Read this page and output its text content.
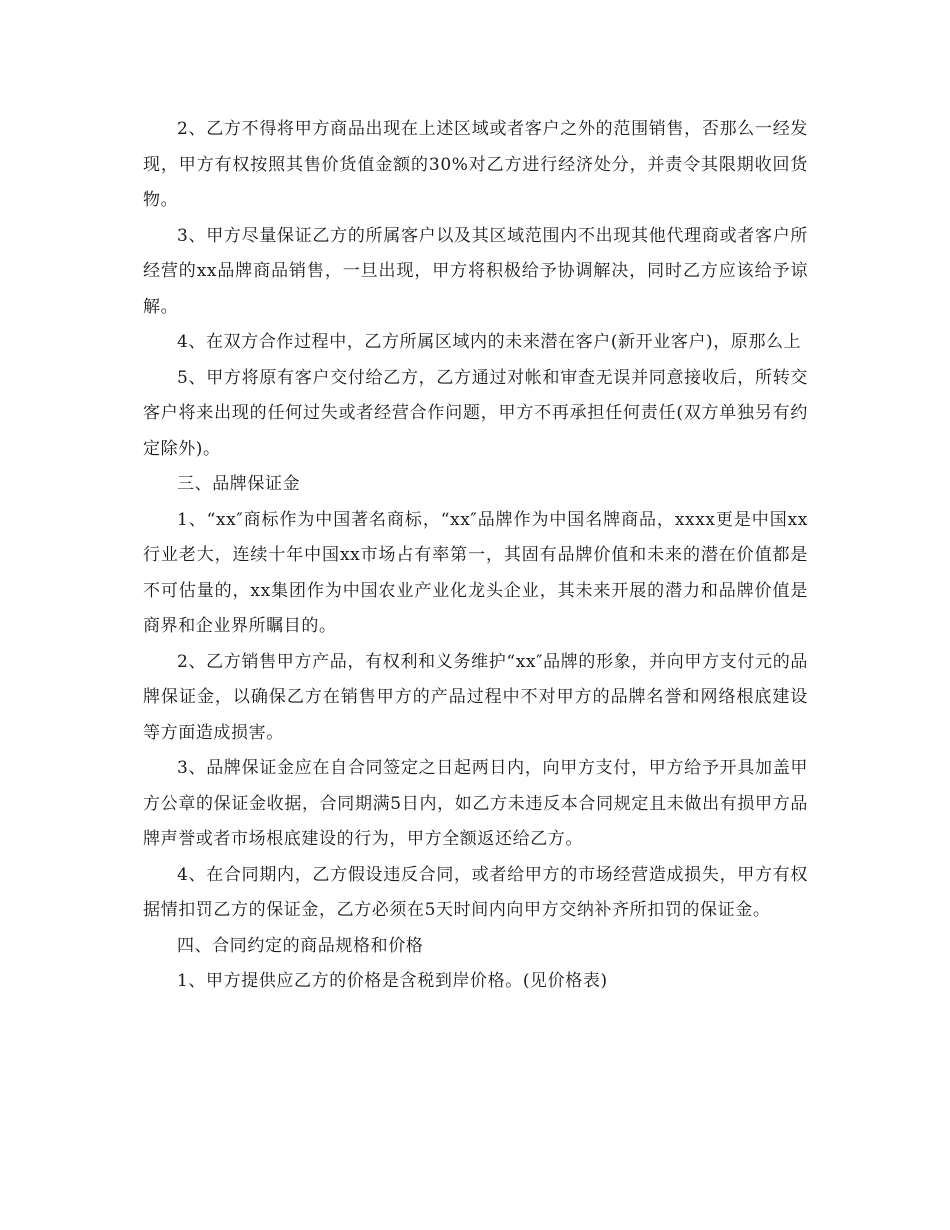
2、乙方不得将甲方商品出现在上述区域或者客户之外的范围销售，否那么一经发现，甲方有权按照其售价货值金额的30%对乙方进行经济处分，并责令其限期收回货物。

3、甲方尽量保证乙方的所属客户以及其区域范围内不出现其他代理商或者客户所经营的xx品牌商品销售，一旦出现，甲方将积极给予协调解决，同时乙方应该给予谅解。

4、在双方合作过程中，乙方所属区域内的未来潜在客户(新开业客户)，原那么上

5、甲方将原有客户交付给乙方，乙方通过对帐和审查无误并同意接收后，所转交客户将来出现的任何过失或者经营合作问题，甲方不再承担任何责任(双方单独另有约定除外)。

三、品牌保证金

1、“xx″商标作为中国著名商标，“xx″品牌作为中国名牌商品，xxxx更是中国xx行业老大，连续十年中国xx市场占有率第一，其固有品牌价值和未来的潜在价值都是不可估量的，xx集团作为中国农业产业化龙头企业，其未来开展的潜力和品牌价值是商界和企业界所瞩目的。

2、乙方销售甲方产品，有权利和义务维护“xx″品牌的形象，并向甲方支付元的品牌保证金，以确保乙方在销售甲方的产品过程中不对甲方的品牌名誉和网络根底建设等方面造成损害。

3、品牌保证金应在自合同签定之日起两日内，向甲方支付，甲方给予开具加盖甲方公章的保证金收据，合同期满5日内，如乙方未违反本合同规定且未做出有损甲方品牌声誉或者市场根底建设的行为，甲方全额返还给乙方。

4、在合同期内，乙方假设违反合同，或者给甲方的市场经营造成损失，甲方有权据情扣罚乙方的保证金，乙方必须在5天时间内向甲方交纳补齐所扣罚的保证金。

四、合同约定的商品规格和价格

1、甲方提供应乙方的价格是含税到岸价格。(见价格表)
